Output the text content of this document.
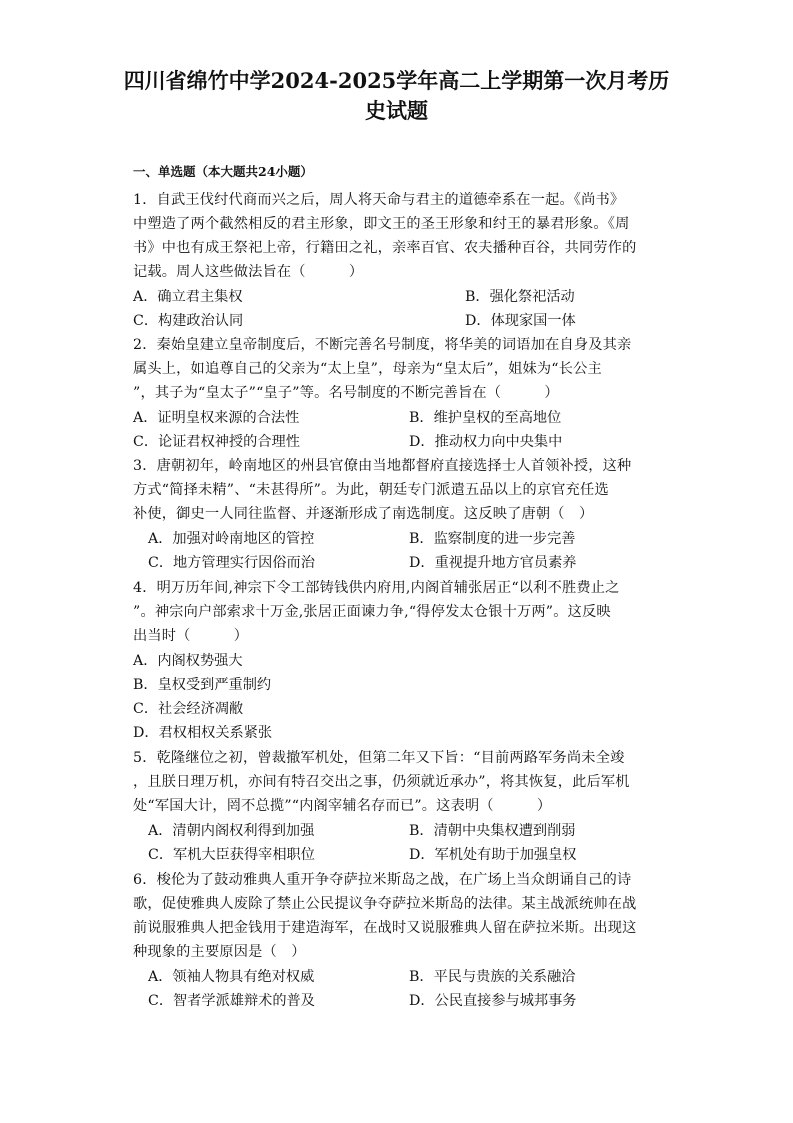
四川省绵竹中学2024-2025学年高二上学期第一次月考历
史试题
一、单选题（本大题共24小题）
1．自武王伐纣代商而兴之后，周人将天命与君主的道德牵系在一起。《尚书》
中塑造了两个截然相反的君主形象，即文王的圣王形象和纣王的暴君形象。《周
书》中也有成王祭祀上帝，行籍田之礼，亲率百官、农夫播种百谷，共同劳作的
记载。周人这些做法旨在（　　　）
A．确立君主集权	B．强化祭祀活动
C．构建政治认同	D．体现家国一体
2．秦始皇建立皇帝制度后，不断完善名号制度，将华美的词语加在自身及其亲
属头上，如追尊自己的父亲为“太上皇”，母亲为“皇太后”，姐妹为“长公主
”，其子为“皇太子”“皇子”等。名号制度的不断完善旨在（　　　）
A．证明皇权来源的合法性	B．维护皇权的至高地位
C．论证君权神授的合理性	D．推动权力向中央集中
3．唐朝初年，岭南地区的州县官僚由当地都督府直接选择士人首领补授，这种
方式“简择未精”、“未甚得所”。为此，朝廷专门派遣五品以上的京官充任选
补使，御史一人同往监督、并逐渐形成了南选制度。这反映了唐朝（　）
A．加强对岭南地区的管控	B．监察制度的进一步完善
C．地方管理实行因俗而治	D．重视提升地方官员素养
4．明万历年间,神宗下令工部铸钱供内府用,内阁首辅张居正“以利不胜费止之
”。神宗向户部索求十万金,张居正面谏力争,“得停发太仓银十万两”。这反映
出当时（　　　）
A．内阁权势强大
B．皇权受到严重制约
C．社会经济凋敝
D．君权相权关系紧张
5．乾隆继位之初，曾裁撤军机处，但第二年又下旨：“目前两路军务尚未全竣
，且朕日理万机，亦间有特召交出之事，仍须就近承办”，将其恢复，此后军机
处“军国大计，罔不总揽”“内阁宰辅名存而已”。这表明（　　　）
A．清朝内阁权利得到加强	B．清朝中央集权遭到削弱
C．军机大臣获得宰相职位	D．军机处有助于加强皇权
6．梭伦为了鼓动雅典人重开争夺萨拉米斯岛之战，在广场上当众朗诵自己的诗
歌，促使雅典人废除了禁止公民提议争夺萨拉米斯岛的法律。某主战派统帅在战
前说服雅典人把金钱用于建造海军，在战时又说服雅典人留在萨拉米斯。出现这
种现象的主要原因是（　）
A．领袖人物具有绝对权威	B．平民与贵族的关系融洽
C．智者学派雄辩术的普及	D．公民直接参与城邦事务
